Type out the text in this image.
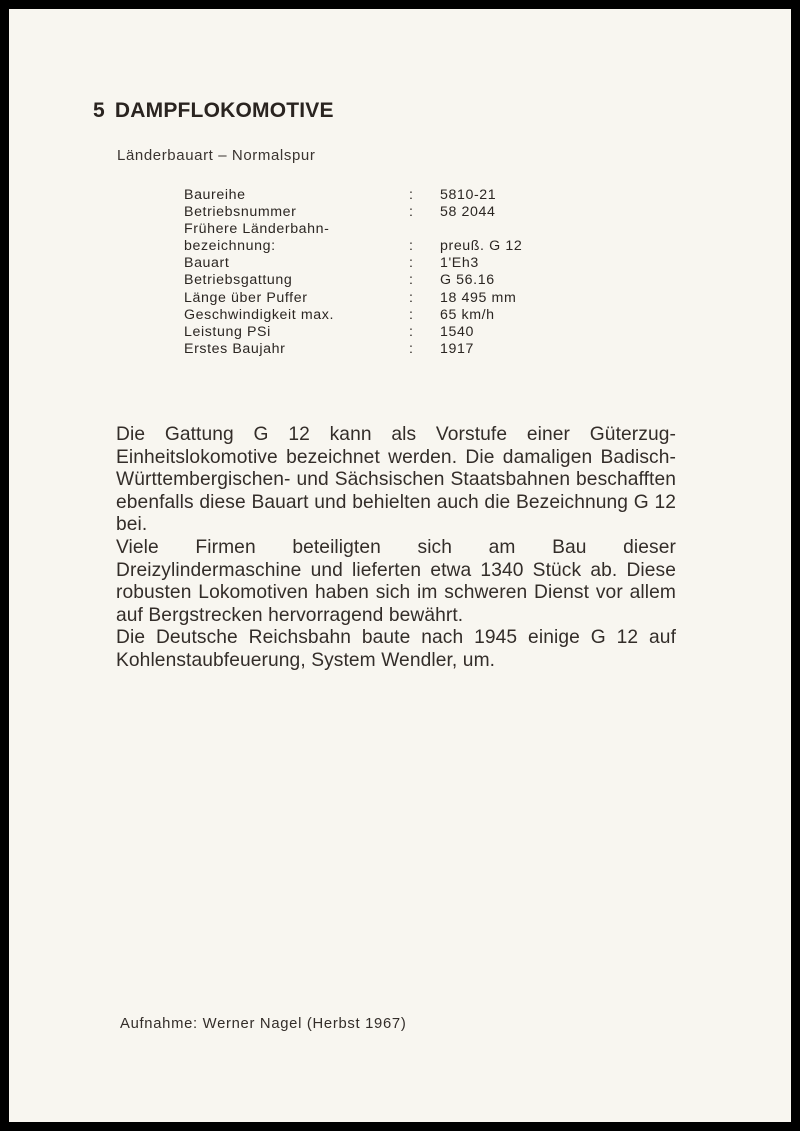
5 DAMPFLOKOMOTIVE
Länderbauart – Normalspur
Baureihe	:	5810-21
Betriebsnummer	:	58 2044
Frühere Länderbahn-
bezeichnung:	:	preuß. G 12
Bauart	:	1'Eh3
Betriebsgattung	:	G 56.16
Länge über Puffer	:	18 495 mm
Geschwindigkeit max.	:	65 km/h
Leistung PSi	:	1540
Erstes Baujahr	:	1917

Die Gattung G 12 kann als Vorstufe einer Güterzug-Einheitslokomotive bezeichnet werden. Die damaligen Badisch-Württembergischen- und Sächsischen Staatsbahnen beschafften ebenfalls diese Bauart und behielten auch die Bezeichnung G 12 bei.

Viele Firmen beteiligten sich am Bau dieser Dreizylindermaschine und lieferten etwa 1340 Stück ab. Diese robusten Lokomotiven haben sich im schweren Dienst vor allem auf Bergstrecken hervorragend bewährt.

Die Deutsche Reichsbahn baute nach 1945 einige G 12 auf Kohlenstaubfeuerung, System Wendler, um.

Aufnahme: Werner Nagel (Herbst 1967)
